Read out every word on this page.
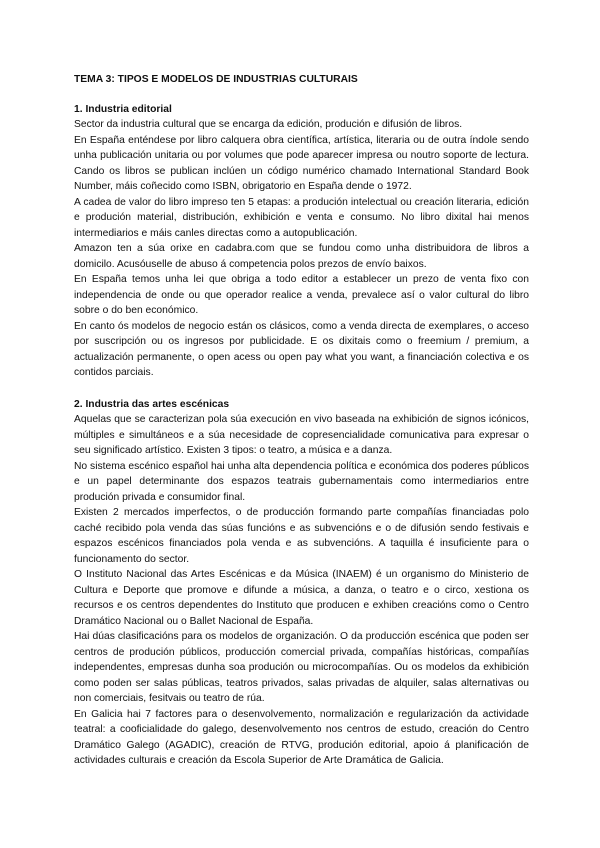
TEMA 3: TIPOS E MODELOS DE INDUSTRIAS CULTURAIS

1. Industria editorial

Sector da industria cultural que se encarga da edición, produción e difusión de libros.

En España enténdese por libro calquera obra científica, artística, literaria ou de outra índole sendo unha publicación unitaria ou por volumes que pode aparecer impresa ou noutro soporte de lectura. Cando os libros se publican inclúen un código numérico chamado International Standard Book Number, máis coñecido como ISBN, obrigatorio en España dende o 1972.

A cadea de valor do libro impreso ten 5 etapas: a produción intelectual ou creación literaria, edición e produción material, distribución, exhibición e venta e consumo. No libro dixital hai menos intermediarios e máis canles directas como a autopublicación.

Amazon ten a súa orixe en cadabra.com que se fundou como unha distribuidora de libros a domicilo. Acusóuselle de abuso á competencia polos prezos de envío baixos.

En España temos unha lei que obriga a todo editor a establecer un prezo de venta fixo con independencia de onde ou que operador realice a venda, prevalece así o valor cultural do libro sobre o do ben económico.

En canto ós modelos de negocio están os clásicos, como a venda directa de exemplares, o acceso por suscripción ou os ingresos por publicidade. E os dixitais como o freemium / premium, a actualización permanente, o open acess ou open pay what you want, a financiación colectiva e os contidos parciais.

2. Industria das artes escénicas

Aquelas que se caracterizan pola súa execución en vivo baseada na exhibición de signos icónicos, múltiples e simultáneos e a súa necesidade de copresencialidade comunicativa para expresar o seu significado artístico. Existen 3 tipos: o teatro, a música e a danza.

No sistema escénico español hai unha alta dependencia política e económica dos poderes públicos e un papel determinante dos espazos teatrais gubernamentais como intermediarios entre produción privada e consumidor final.

Existen 2 mercados imperfectos, o de producción formando parte compañías financiadas polo caché recibido pola venda das súas funcións e as subvencións e o de difusión sendo festivais e espazos escénicos financiados pola venda e as subvencións. A taquilla é insuficiente para o funcionamento do sector.

O Instituto Nacional das Artes Escénicas e da Música (INAEM) é un organismo do Ministerio de Cultura e Deporte que promove e difunde a música, a danza, o teatro e o circo, xestiona os recursos e os centros dependentes do Instituto que producen e exhiben creacións como o Centro Dramático Nacional ou o Ballet Nacional de España.

Hai dúas clasificacións para os modelos de organización. O da producción escénica que poden ser centros de produción públicos, producción comercial privada, compañías históricas, compañías independentes, empresas dunha soa produción ou microcompañías. Ou os modelos da exhibición como poden ser salas públicas, teatros privados, salas privadas de alquiler, salas alternativas ou non comerciais, fesitvais ou teatro de rúa.

En Galicia hai 7 factores para o desenvolvemento, normalización e regularización da actividade teatral: a cooficialidade do galego, desenvolvemento nos centros de estudo, creación do Centro Dramático Galego (AGADIC), creación de RTVG, produción editorial, apoio á planificación de actividades culturais e creación da Escola Superior de Arte Dramática de Galicia.
